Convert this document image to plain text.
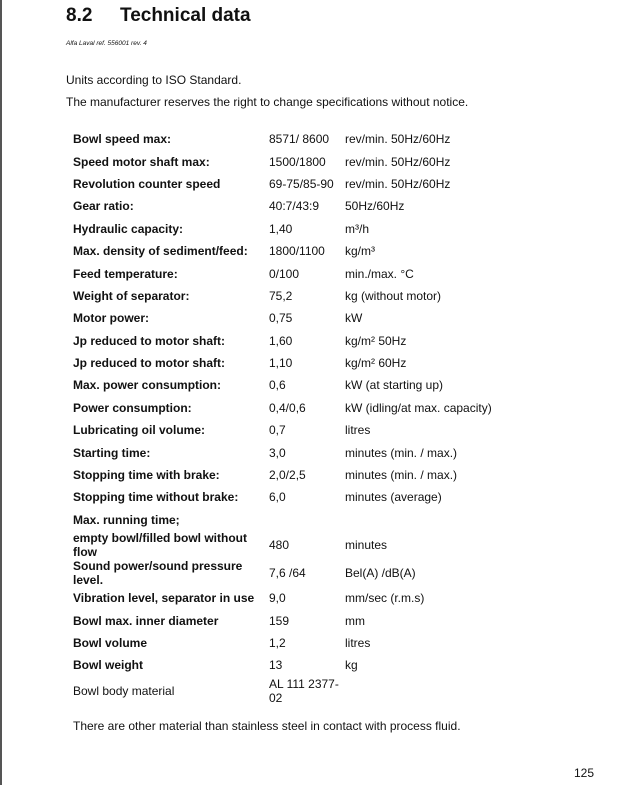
8.2 Technical data
Alfa Laval ref. 556001 rev. 4
Units according to ISO Standard.
The manufacturer reserves the right to change specifications without notice.
Bowl speed max:	8571/ 8600	rev/min. 50Hz/60Hz
Speed motor shaft max:	1500/1800	rev/min. 50Hz/60Hz
Revolution counter speed	69-75/85-90	rev/min. 50Hz/60Hz
Gear ratio:	40:7/43:9	50Hz/60Hz
Hydraulic capacity:	1,40	m³/h
Max. density of sediment/feed:	1800/1100	kg/m³
Feed temperature:	0/100	min./max. °C
Weight of separator:	75,2	kg (without motor)
Motor power:	0,75	kW
Jp reduced to motor shaft:	1,60	kg/m² 50Hz
Jp reduced to motor shaft:	1,10	kg/m² 60Hz
Max. power consumption:	0,6	kW (at starting up)
Power consumption:	0,4/0,6	kW (idling/at max. capacity)
Lubricating oil volume:	0,7	litres
Starting time:	3,0	minutes (min. / max.)
Stopping time with brake:	2,0/2,5	minutes (min. / max.)
Stopping time without brake:	6,0	minutes (average)
Max. running time;		
empty bowl/filled bowl without flow	480	minutes
Sound power/sound pressure level.	7,6 /64	Bel(A) /dB(A)
Vibration level, separator in use	9,0	mm/sec (r.m.s)
Bowl max. inner diameter	159	mm
Bowl volume	1,2	litres
Bowl weight	13	kg
Bowl body material	AL 111 2377-02	
There are other material than stainless steel in contact with process fluid.
125
